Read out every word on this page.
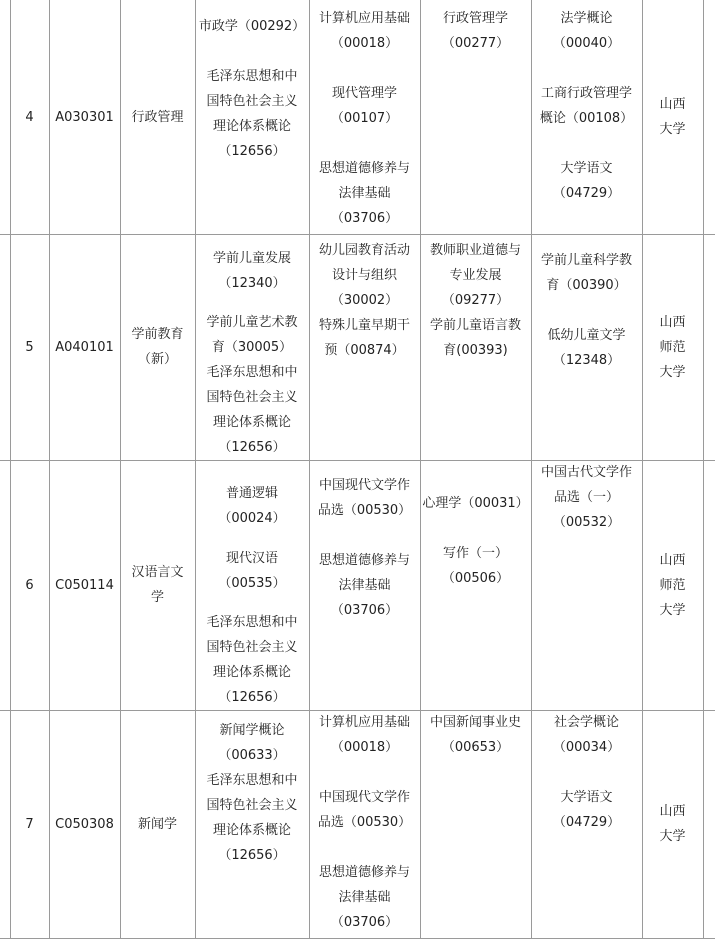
4 A030301 行政管理
市政学（00292）
毛泽东思想和中
国特色社会主义
理论体系概论
（12656）
计算机应用基础
（00018）
现代管理学
（00107）
思想道德修养与
法律基础
（03706）
行政管理学
（00277）
法学概论
（00040）
工商行政管理学
概论（00108）
大学语文
（04729）
山西
大学
5 A040101
学前教育
（新）
学前儿童发展
（12340）
学前儿童艺术教
育（30005）
毛泽东思想和中
国特色社会主义
理论体系概论
（12656）
幼儿园教育活动
设计与组织
（30002）
特殊儿童早期干
预（00874）
教师职业道德与
专业发展
（09277）
学前儿童语言教
育(00393)
学前儿童科学教
育（00390）
低幼儿童文学
（12348）
山西
师范
大学
6 C050114
汉语言文
学
普通逻辑
（00024）
现代汉语
（00535）
毛泽东思想和中
国特色社会主义
理论体系概论
（12656）
中国现代文学作
品选（00530）
思想道德修养与
法律基础
（03706）
心理学（00031）
写作（一）
（00506）
中国古代文学作
品选（一）
（00532）
山西
师范
大学
7 C050308 新闻学
新闻学概论
（00633）
毛泽东思想和中
国特色社会主义
理论体系概论
（12656）
计算机应用基础
（00018）
中国现代文学作
品选（00530）
思想道德修养与
法律基础
（03706）
中国新闻事业史
（00653）
社会学概论
（00034）
大学语文
（04729）
山西
大学
